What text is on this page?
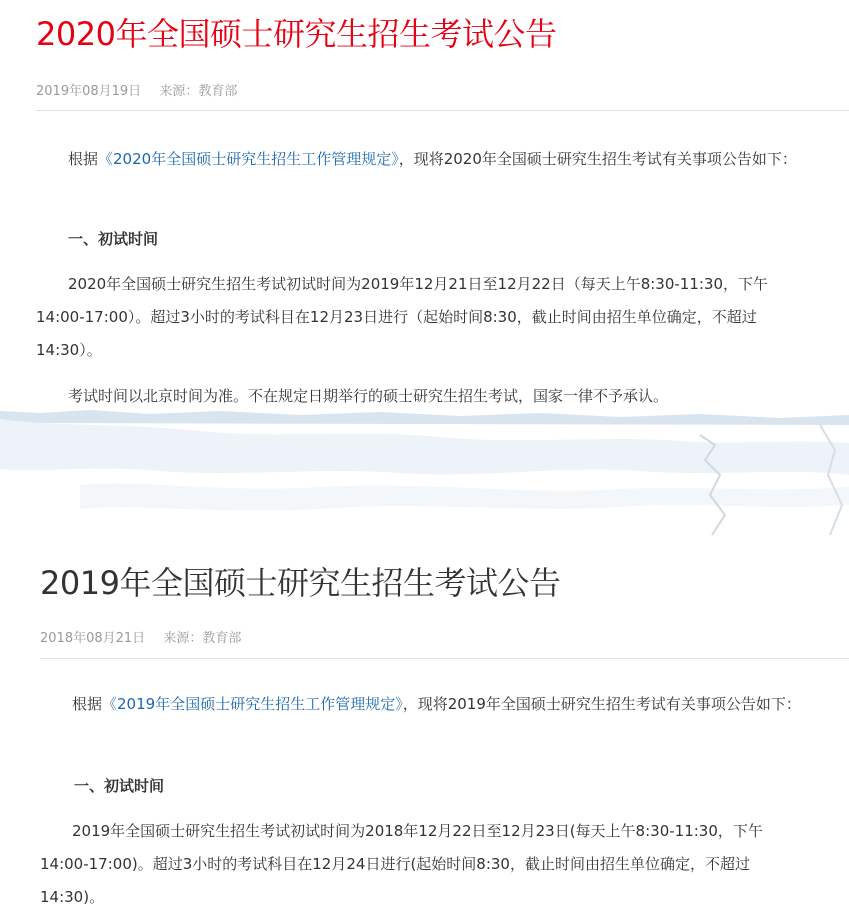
2020年全国硕士研究生招生考试公告
2019年08月19日 来源：教育部

根据《2020年全国硕士研究生招生工作管理规定》，现将2020年全国硕士研究生招生考试有关事项公告如下：

一、初试时间

2020年全国硕士研究生招生考试初试时间为2019年12月21日至12月22日（每天上午8:30-11:30，下午14:00-17:00）。超过3小时的考试科目在12月23日进行（起始时间8:30，截止时间由招生单位确定，不超过14:30）。

考试时间以北京时间为准。不在规定日期举行的硕士研究生招生考试，国家一律不予承认。

2019年全国硕士研究生招生考试公告
2018年08月21日 来源：教育部

根据《2019年全国硕士研究生招生工作管理规定》，现将2019年全国硕士研究生招生考试有关事项公告如下：

一、初试时间

2019年全国硕士研究生招生考试初试时间为2018年12月22日至12月23日(每天上午8:30-11:30，下午14:00-17:00)。超过3小时的考试科目在12月24日进行(起始时间8:30，截止时间由招生单位确定，不超过14:30)。
